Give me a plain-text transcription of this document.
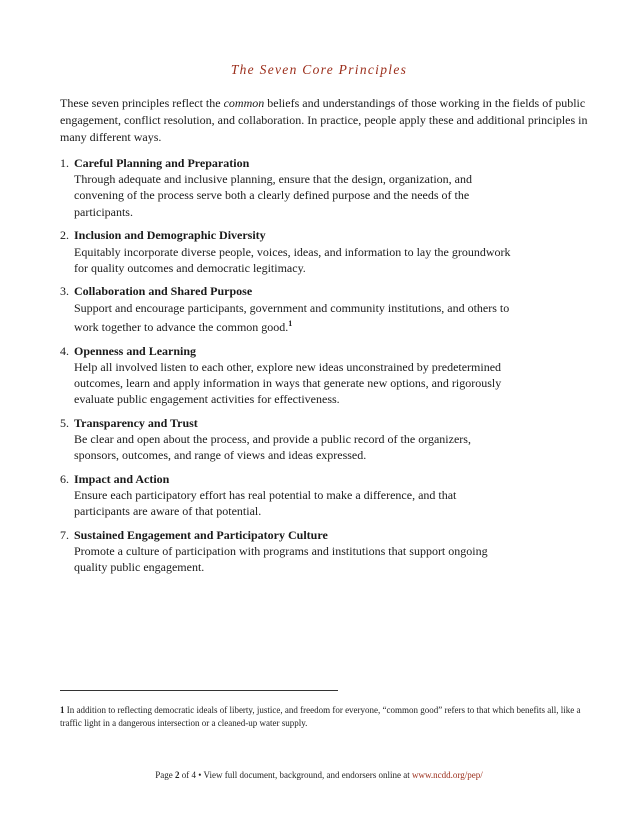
The Seven Core Principles

These seven principles reflect the common beliefs and understandings of those working in the fields of public engagement, conflict resolution, and collaboration. In practice, people apply these and additional principles in many different ways.

1. Careful Planning and Preparation
Through adequate and inclusive planning, ensure that the design, organization, and convening of the process serve both a clearly defined purpose and the needs of the participants.
2. Inclusion and Demographic Diversity
Equitably incorporate diverse people, voices, ideas, and information to lay the groundwork for quality outcomes and democratic legitimacy.
3. Collaboration and Shared Purpose
Support and encourage participants, government and community institutions, and others to work together to advance the common good.$^1$
4. Openness and Learning
Help all involved listen to each other, explore new ideas unconstrained by predetermined outcomes, learn and apply information in ways that generate new options, and rigorously evaluate public engagement activities for effectiveness.
5. Transparency and Trust
Be clear and open about the process, and provide a public record of the organizers, sponsors, outcomes, and range of views and ideas expressed.
6. Impact and Action
Ensure each participatory effort has real potential to make a difference, and that participants are aware of that potential.
7. Sustained Engagement and Participatory Culture
Promote a culture of participation with programs and institutions that support ongoing quality public engagement.
1 In addition to reflecting democratic ideals of liberty, justice, and freedom for everyone, “common good” refers to that which benefits all, like a traffic light in a dangerous intersection or a cleaned-up water supply.
Page 2 of 4 • View full document, background, and endorsers online at www.ncdd.org/pep/
